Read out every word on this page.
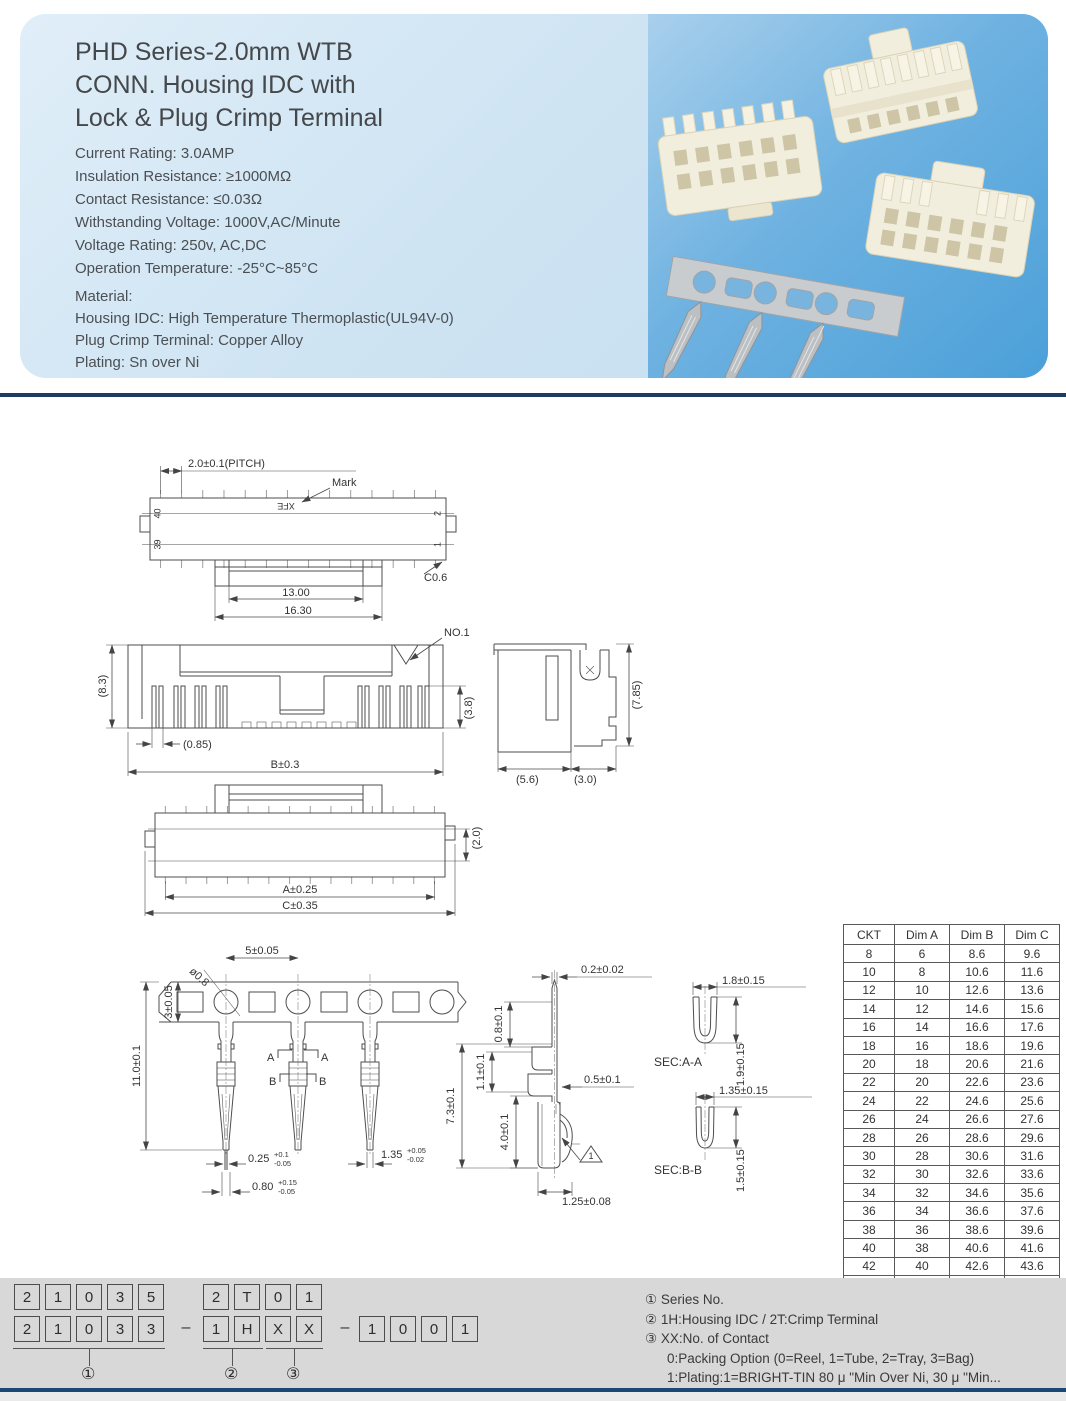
PHD Series-2.0mm WTB
CONN. Housing IDC with
Lock & Plug Crimp Terminal
Current Rating: 3.0AMP
Insulation Resistance: ≥1000MΩ
Contact Resistance: ≤0.03Ω
Withstanding Voltage: 1000V,AC/Minute
Voltage Rating: 250v, AC,DC
Operation Temperature: -25°C~85°C
Material:
Housing IDC: High Temperature Thermoplastic(UL94V-0)
Plug Crimp Terminal: Copper Alloy
Plating: Sn over Ni
2.0±0.1(PITCH)
Mark
XFE
40
39
2
1
C0.6
13.00
16.30
NO.1
(8.3)
(0.85)
B±0.3
(3.8)
(5.6)	(3.0)
(7.85)
(2.0)
A±0.25
C±0.35
5±0.05
ø0.8
3±0.05
11.0±0.1	A	A
B	B
0.25 +0.1
-0.05
0.80 +0.15
-0.05
1.35 +0.05
-0.02
0.2±0.02
0.8±0.1
1.1±0.1
7.3±0.1
0.5±0.1
4.0±0.1
1.25±0.08
1
1.8±0.15
1.9±0.15
SEC:A-A
1.35±0.15
1.5±0.15
SEC:B-B
CKT	Dim A	Dim B	Dim C
8	6	8.6	9.6
10	8	10.6	11.6
12	10	12.6	13.6
14	12	14.6	15.6
16	14	16.6	17.6
18	16	18.6	19.6
20	18	20.6	21.6
22	20	22.6	23.6
24	22	24.6	25.6
26	24	26.6	27.6
28	26	28.6	29.6
30	28	30.6	31.6
32	30	32.6	33.6
34	32	34.6	35.6
36	34	36.6	37.6
38	36	38.6	39.6
40	38	40.6	41.6
42	40	42.6	43.6

2	1	0	3	5	2	T	0	1
2	1	0	3	3	–	1	H	X	X	–	1	0	0	1
①	②	③
① Series No.
② 1H:Housing IDC / 2T:Crimp Terminal
③ XX:No. of Contact
0:Packing Option (0=Reel, 1=Tube, 2=Tray, 3=Bag)
1:Plating:1=BRIGHT-TIN 80 μ "Min Over Ni, 30 μ "Min...
